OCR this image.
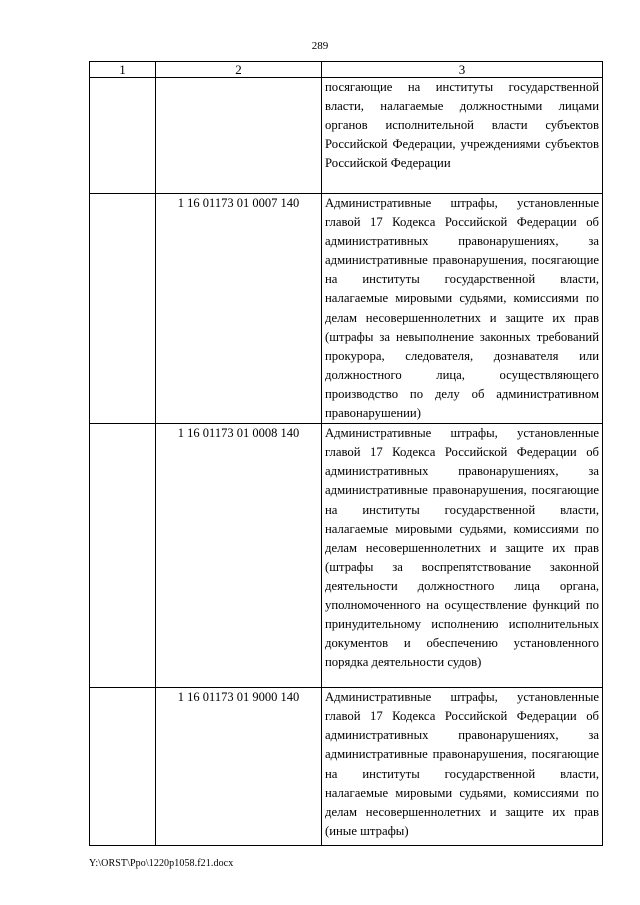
289
1	2	3
		посягающие на институты государственной власти, налагаемые должностными лицами органов исполнительной власти субъектов Российской Федерации, учреждениями субъектов Российской Федерации
	1 16 01173 01 0007 140	Административные штрафы, установленные главой 17 Кодекса Российской Федерации об административных правонарушениях, за административные правонарушения, посягающие на институты государственной власти, налагаемые мировыми судьями, комиссиями по делам несовершеннолетних и защите их прав (штрафы за невыполнение законных требований прокурора, следователя, дознавателя или должностного лица, осуществляющего производство по делу об административном правонарушении)
	1 16 01173 01 0008 140	Административные штрафы, установленные главой 17 Кодекса Российской Федерации об административных правонарушениях, за административные правонарушения, посягающие на институты государственной власти, налагаемые мировыми судьями, комиссиями по делам несовершеннолетних и защите их прав (штрафы за воспрепятствование законной деятельности должностного лица органа, уполномоченного на осуществление функций по принудительному исполнению исполнительных документов и обеспечению установленного порядка деятельности судов)
	1 16 01173 01 9000 140	Административные штрафы, установленные главой 17 Кодекса Российской Федерации об административных правонарушениях, за административные правонарушения, посягающие на институты государственной власти, налагаемые мировыми судьями, комиссиями по делам несовершеннолетних и защите их прав (иные штрафы)
Y:\ORST\Ppo\1220p1058.f21.docx
